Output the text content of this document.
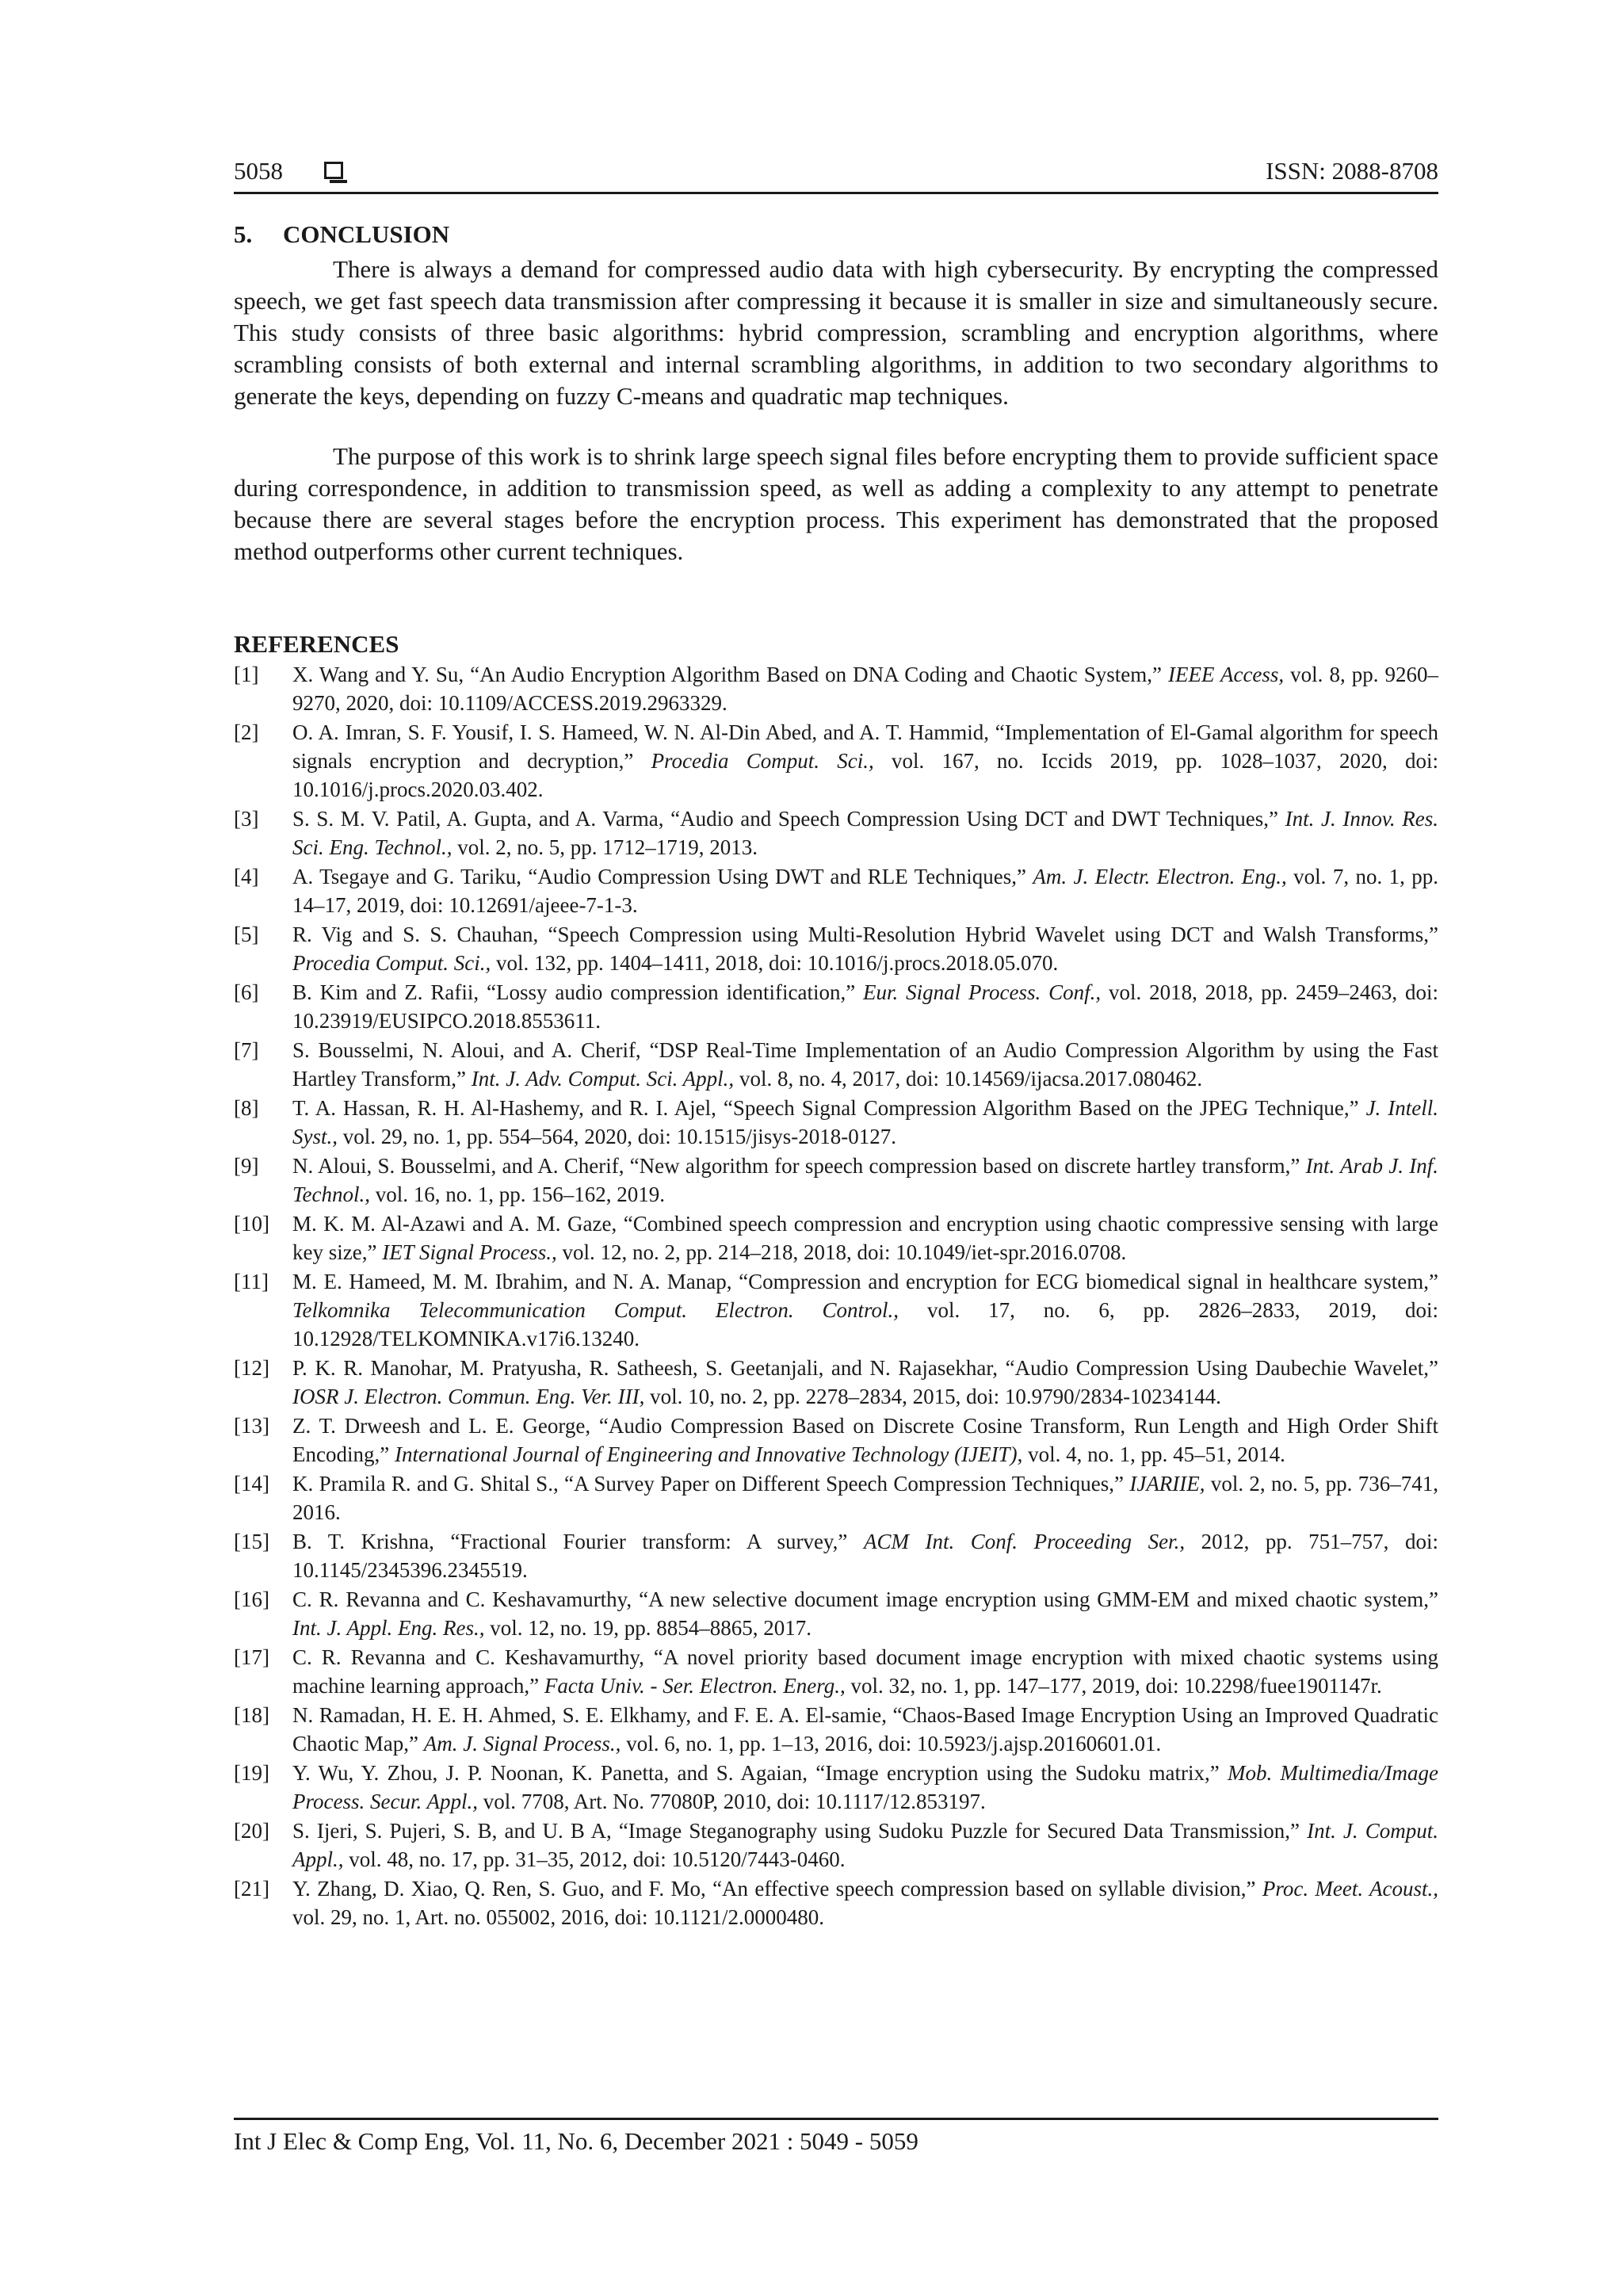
5058	ISSN: 2088-8708
5. CONCLUSION

There is always a demand for compressed audio data with high cybersecurity. By encrypting the compressed speech, we get fast speech data transmission after compressing it because it is smaller in size and simultaneously secure. This study consists of three basic algorithms: hybrid compression, scrambling and encryption algorithms, where scrambling consists of both external and internal scrambling algorithms, in addition to two secondary algorithms to generate the keys, depending on fuzzy C-means and quadratic map techniques.

The purpose of this work is to shrink large speech signal files before encrypting them to provide sufficient space during correspondence, in addition to transmission speed, as well as adding a complexity to any attempt to penetrate because there are several stages before the encryption process. This experiment has demonstrated that the proposed method outperforms other current techniques.

REFERENCES
[1]	X. Wang and Y. Su, “An Audio Encryption Algorithm Based on DNA Coding and Chaotic System,” IEEE Access, vol. 8, pp. 9260–9270, 2020, doi: 10.1109/ACCESS.2019.2963329.
[2]	O. A. Imran, S. F. Yousif, I. S. Hameed, W. N. Al-Din Abed, and A. T. Hammid, “Implementation of El-Gamal algorithm for speech signals encryption and decryption,” Procedia Comput. Sci., vol. 167, no. Iccids 2019, pp. 1028–1037, 2020, doi: 10.1016/j.procs.2020.03.402.
[3]	S. S. M. V. Patil, A. Gupta, and A. Varma, “Audio and Speech Compression Using DCT and DWT Techniques,” Int. J. Innov. Res. Sci. Eng. Technol., vol. 2, no. 5, pp. 1712–1719, 2013.
[4]	A. Tsegaye and G. Tariku, “Audio Compression Using DWT and RLE Techniques,” Am. J. Electr. Electron. Eng., vol. 7, no. 1, pp. 14–17, 2019, doi: 10.12691/ajeee-7-1-3.
[5]	R. Vig and S. S. Chauhan, “Speech Compression using Multi-Resolution Hybrid Wavelet using DCT and Walsh Transforms,” Procedia Comput. Sci., vol. 132, pp. 1404–1411, 2018, doi: 10.1016/j.procs.2018.05.070.
[6]	B. Kim and Z. Rafii, “Lossy audio compression identification,” Eur. Signal Process. Conf., vol. 2018, 2018, pp. 2459–2463, doi: 10.23919/EUSIPCO.2018.8553611.
[7]	S. Bousselmi, N. Aloui, and A. Cherif, “DSP Real-Time Implementation of an Audio Compression Algorithm by using the Fast Hartley Transform,” Int. J. Adv. Comput. Sci. Appl., vol. 8, no. 4, 2017, doi: 10.14569/ijacsa.2017.080462.
[8]	T. A. Hassan, R. H. Al-Hashemy, and R. I. Ajel, “Speech Signal Compression Algorithm Based on the JPEG Technique,” J. Intell. Syst., vol. 29, no. 1, pp. 554–564, 2020, doi: 10.1515/jisys-2018-0127.
[9]	N. Aloui, S. Bousselmi, and A. Cherif, “New algorithm for speech compression based on discrete hartley transform,” Int. Arab J. Inf. Technol., vol. 16, no. 1, pp. 156–162, 2019.
[10]	M. K. M. Al-Azawi and A. M. Gaze, “Combined speech compression and encryption using chaotic compressive sensing with large key size,” IET Signal Process., vol. 12, no. 2, pp. 214–218, 2018, doi: 10.1049/iet-spr.2016.0708.
[11]	M. E. Hameed, M. M. Ibrahim, and N. A. Manap, “Compression and encryption for ECG biomedical signal in healthcare system,” Telkomnika Telecommunication Comput. Electron. Control., vol. 17, no. 6, pp. 2826–2833, 2019, doi: 10.12928/TELKOMNIKA.v17i6.13240.
[12]	P. K. R. Manohar, M. Pratyusha, R. Satheesh, S. Geetanjali, and N. Rajasekhar, “Audio Compression Using Daubechie Wavelet,” IOSR J. Electron. Commun. Eng. Ver. III, vol. 10, no. 2, pp. 2278–2834, 2015, doi: 10.9790/2834-10234144.
[13]	Z. T. Drweesh and L. E. George, “Audio Compression Based on Discrete Cosine Transform, Run Length and High Order Shift Encoding,” International Journal of Engineering and Innovative Technology (IJEIT), vol. 4, no. 1, pp. 45–51, 2014.
[14]	K. Pramila R. and G. Shital S., “A Survey Paper on Different Speech Compression Techniques,” IJARIIE, vol. 2, no. 5, pp. 736–741, 2016.
[15]	B. T. Krishna, “Fractional Fourier transform: A survey,” ACM Int. Conf. Proceeding Ser., 2012, pp. 751–757, doi: 10.1145/2345396.2345519.
[16]	C. R. Revanna and C. Keshavamurthy, “A new selective document image encryption using GMM-EM and mixed chaotic system,” Int. J. Appl. Eng. Res., vol. 12, no. 19, pp. 8854–8865, 2017.
[17]	C. R. Revanna and C. Keshavamurthy, “A novel priority based document image encryption with mixed chaotic systems using machine learning approach,” Facta Univ. - Ser. Electron. Energ., vol. 32, no. 1, pp. 147–177, 2019, doi: 10.2298/fuee1901147r.
[18]	N. Ramadan, H. E. H. Ahmed, S. E. Elkhamy, and F. E. A. El-samie, “Chaos-Based Image Encryption Using an Improved Quadratic Chaotic Map,” Am. J. Signal Process., vol. 6, no. 1, pp. 1–13, 2016, doi: 10.5923/j.ajsp.20160601.01.
[19]	Y. Wu, Y. Zhou, J. P. Noonan, K. Panetta, and S. Agaian, “Image encryption using the Sudoku matrix,” Mob. Multimedia/Image Process. Secur. Appl., vol. 7708, Art. No. 77080P, 2010, doi: 10.1117/12.853197.
[20]	S. Ijeri, S. Pujeri, S. B, and U. B A, “Image Steganography using Sudoku Puzzle for Secured Data Transmission,” Int. J. Comput. Appl., vol. 48, no. 17, pp. 31–35, 2012, doi: 10.5120/7443-0460.
[21]	Y. Zhang, D. Xiao, Q. Ren, S. Guo, and F. Mo, “An effective speech compression based on syllable division,” Proc. Meet. Acoust., vol. 29, no. 1, Art. no. 055002, 2016, doi: 10.1121/2.0000480.
Int J Elec & Comp Eng, Vol. 11, No. 6, December 2021 : 5049 - 5059
